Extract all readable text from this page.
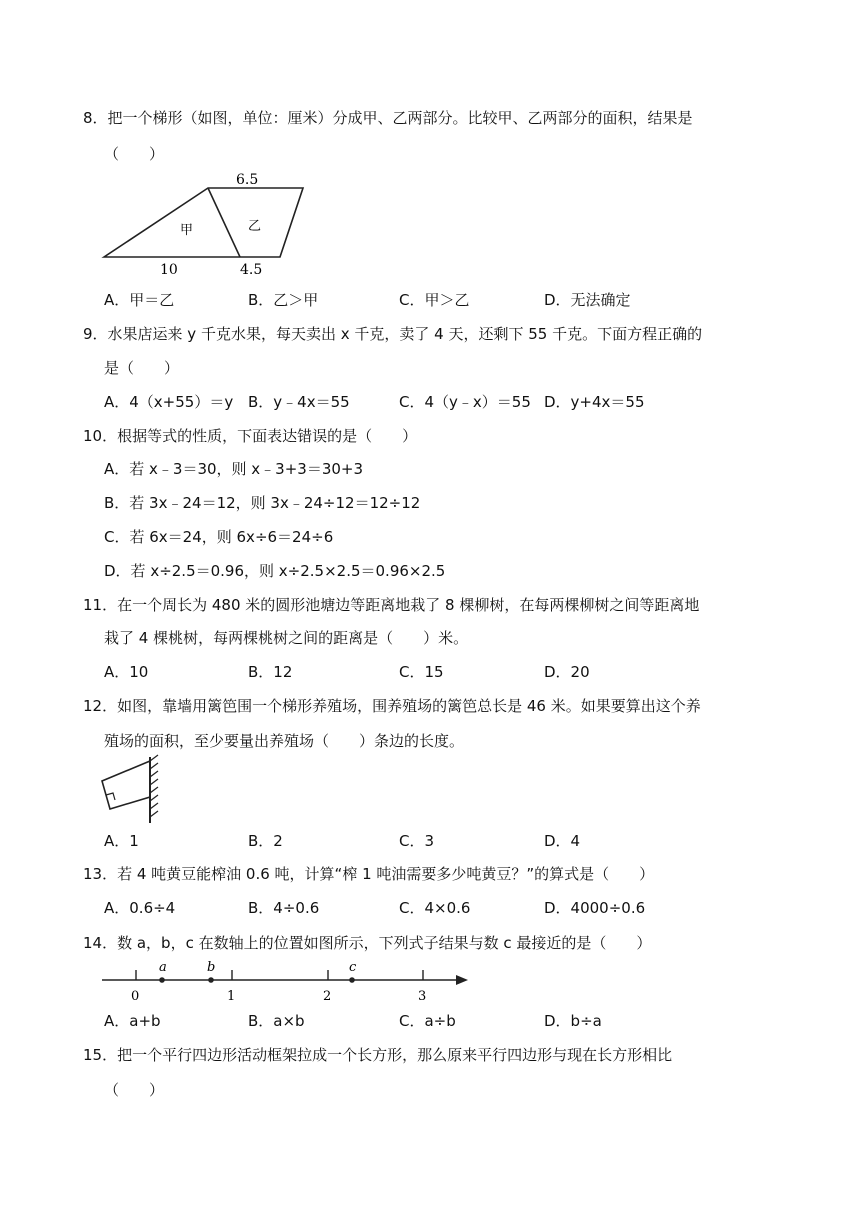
8．把一个梯形（如图，单位：厘米）分成甲、乙两部分。比较甲、乙两部分的面积，结果是
（　　）
6.5
10	4.5
甲	乙
A．甲＝乙	B．乙＞甲	C．甲＞乙	D．无法确定
9．水果店运来 y 千克水果，每天卖出 x 千克，卖了 4 天，还剩下 55 千克。下面方程正确的
是（　　）
A．4（x+55）＝y B．y﹣4x＝55	C．4（y﹣x）＝55 D．y+4x＝55
10．根据等式的性质，下面表达错误的是（　　）
A．若 x﹣3＝30，则 x﹣3+3＝30+3
B．若 3x﹣24＝12，则 3x﹣24÷12＝12÷12
C．若 6x＝24，则 6x÷6＝24÷6
D．若 x÷2.5＝0.96，则 x÷2.5×2.5＝0.96×2.5
11．在一个周长为 480 米的圆形池塘边等距离地栽了 8 棵柳树，在每两棵柳树之间等距离地
栽了 4 棵桃树，每两棵桃树之间的距离是（　　）米。
A．10	B．12	C．15	D．20
12．如图，靠墙用篱笆围一个梯形养殖场，围养殖场的篱笆总长是 46 米。如果要算出这个养
殖场的面积，至少要量出养殖场（　　）条边的长度。
A．1	B．2	C．3	D．4
13．若 4 吨黄豆能榨油 0.6 吨，计算“榨 1 吨油需要多少吨黄豆？”的算式是（　　）
A．0.6÷4	B．4÷0.6	C．4×0.6	D．4000÷0.6
14．数 a，b，c 在数轴上的位置如图所示，下列式子结果与数 c 最接近的是（　　）
0	1	2	3
a	b	c
A．a+b	B．a×b	C．a÷b	D．b÷a
15．把一个平行四边形活动框架拉成一个长方形，那么原来平行四边形与现在长方形相比
（　　）
